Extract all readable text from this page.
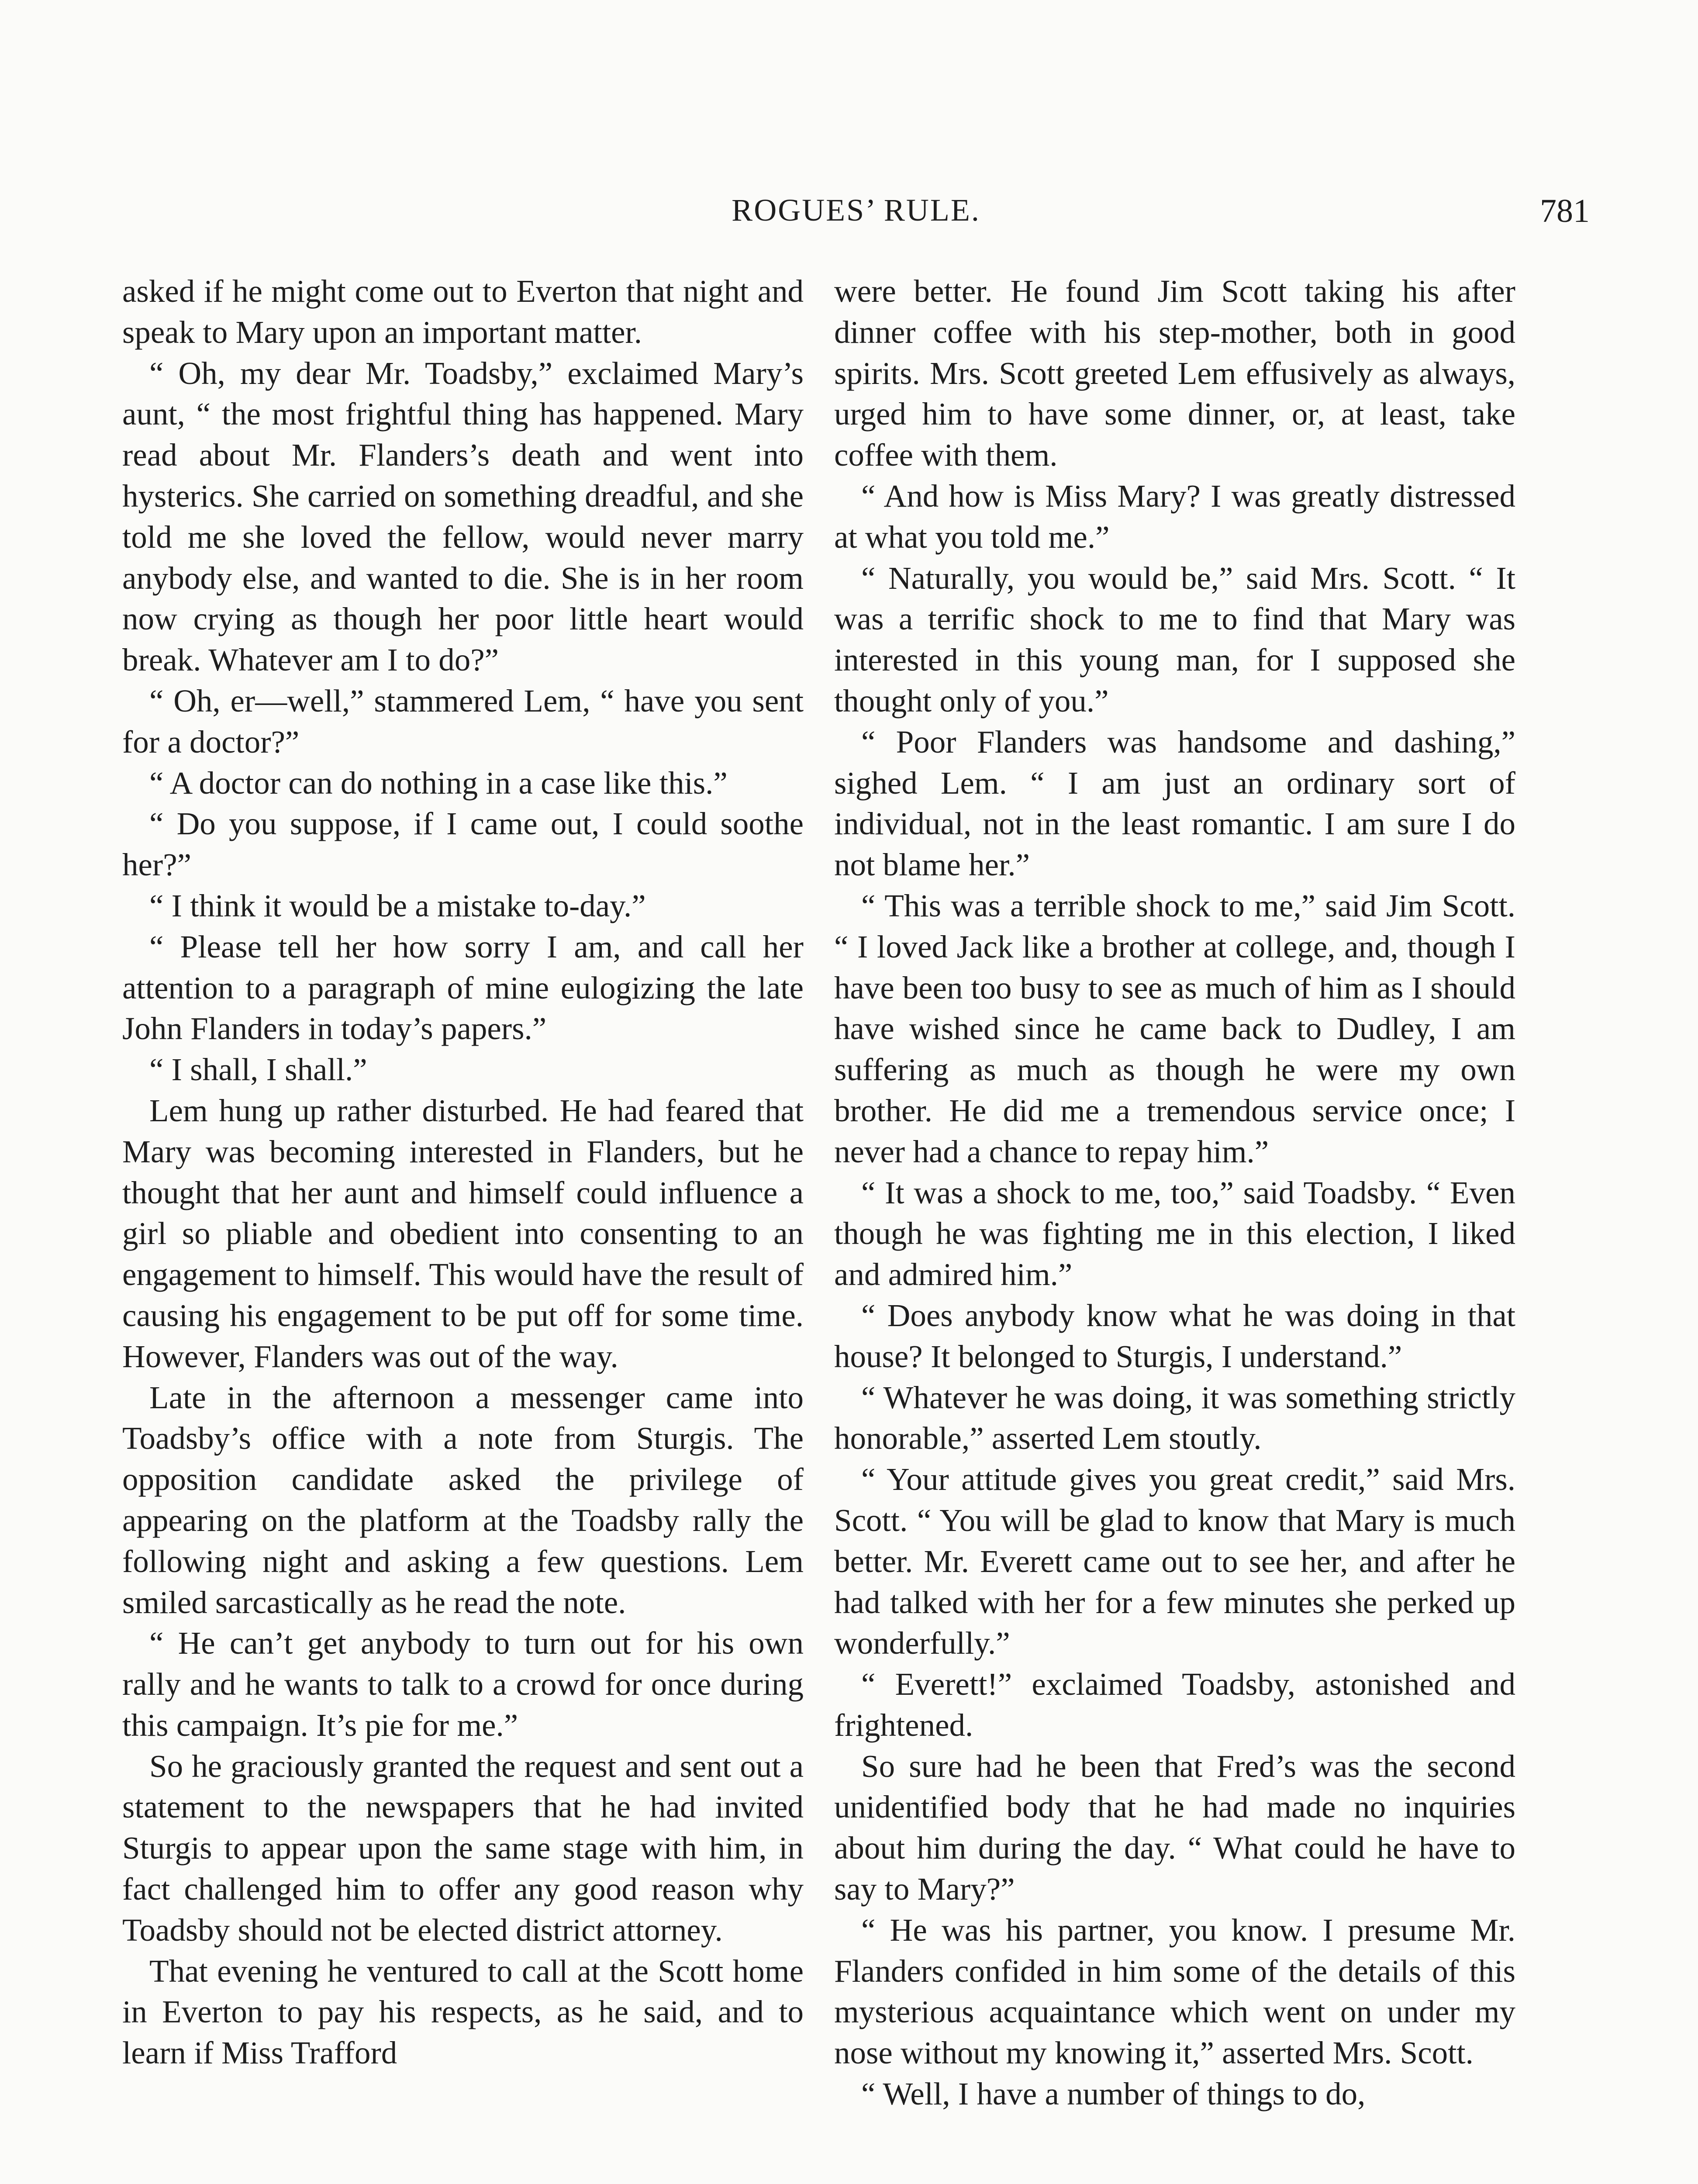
ROGUES’ RULE.	781

asked if he might come out to Everton that night and speak to Mary upon an important matter.

“ Oh, my dear Mr. Toadsby,” exclaimed Mary’s aunt, “ the most frightful thing has happened. Mary read about Mr. Flanders’s death and went into hysterics. She carried on something dreadful, and she told me she loved the fellow, would never marry anybody else, and wanted to die. She is in her room now crying as though her poor little heart would break. Whatever am I to do?”

“ Oh, er—well,” stammered Lem, “ have you sent for a doctor?”

“ A doctor can do nothing in a case like this.”

“ Do you suppose, if I came out, I could soothe her?”

“ I think it would be a mistake to-day.”

“ Please tell her how sorry I am, and call her attention to a paragraph of mine eulogizing the late John Flanders in today’s papers.”

“ I shall, I shall.”

Lem hung up rather disturbed. He had feared that Mary was becoming interested in Flanders, but he thought that her aunt and himself could influence a girl so pliable and obedient into consenting to an engagement to himself. This would have the result of causing his engagement to be put off for some time. However, Flanders was out of the way.

Late in the afternoon a messenger came into Toadsby’s office with a note from Sturgis. The opposition candidate asked the privilege of appearing on the platform at the Toadsby rally the following night and asking a few questions. Lem smiled sarcastically as he read the note.

“ He can’t get anybody to turn out for his own rally and he wants to talk to a crowd for once during this campaign. It’s pie for me.”

So he graciously granted the request and sent out a statement to the newspapers that he had invited Sturgis to appear upon the same stage with him, in fact challenged him to offer any good reason why Toadsby should not be elected district attorney.

That evening he ventured to call at the Scott home in Everton to pay his respects, as he said, and to learn if Miss Trafford

were better. He found Jim Scott taking his after dinner coffee with his step-mother, both in good spirits. Mrs. Scott greeted Lem effusively as always, urged him to have some dinner, or, at least, take coffee with them.

“ And how is Miss Mary? I was greatly distressed at what you told me.”

“ Naturally, you would be,” said Mrs. Scott. “ It was a terrific shock to me to find that Mary was interested in this young man, for I supposed she thought only of you.”

“ Poor Flanders was handsome and dashing,” sighed Lem. “ I am just an ordinary sort of individual, not in the least romantic. I am sure I do not blame her.”

“ This was a terrible shock to me,” said Jim Scott. “ I loved Jack like a brother at college, and, though I have been too busy to see as much of him as I should have wished since he came back to Dudley, I am suffering as much as though he were my own brother. He did me a tremendous service once; I never had a chance to repay him.”

“ It was a shock to me, too,” said Toadsby. “ Even though he was fighting me in this election, I liked and admired him.”

“ Does anybody know what he was doing in that house? It belonged to Sturgis, I understand.”

“ Whatever he was doing, it was something strictly honorable,” asserted Lem stoutly.

“ Your attitude gives you great credit,” said Mrs. Scott. “ You will be glad to know that Mary is much better. Mr. Everett came out to see her, and after he had talked with her for a few minutes she perked up wonderfully.”

“ Everett!” exclaimed Toadsby, astonished and frightened.

So sure had he been that Fred’s was the second unidentified body that he had made no inquiries about him during the day. “ What could he have to say to Mary?”

“ He was his partner, you know. I presume Mr. Flanders confided in him some of the details of this mysterious acquaintance which went on under my nose without my knowing it,” asserted Mrs. Scott.

“ Well, I have a number of things to do,
